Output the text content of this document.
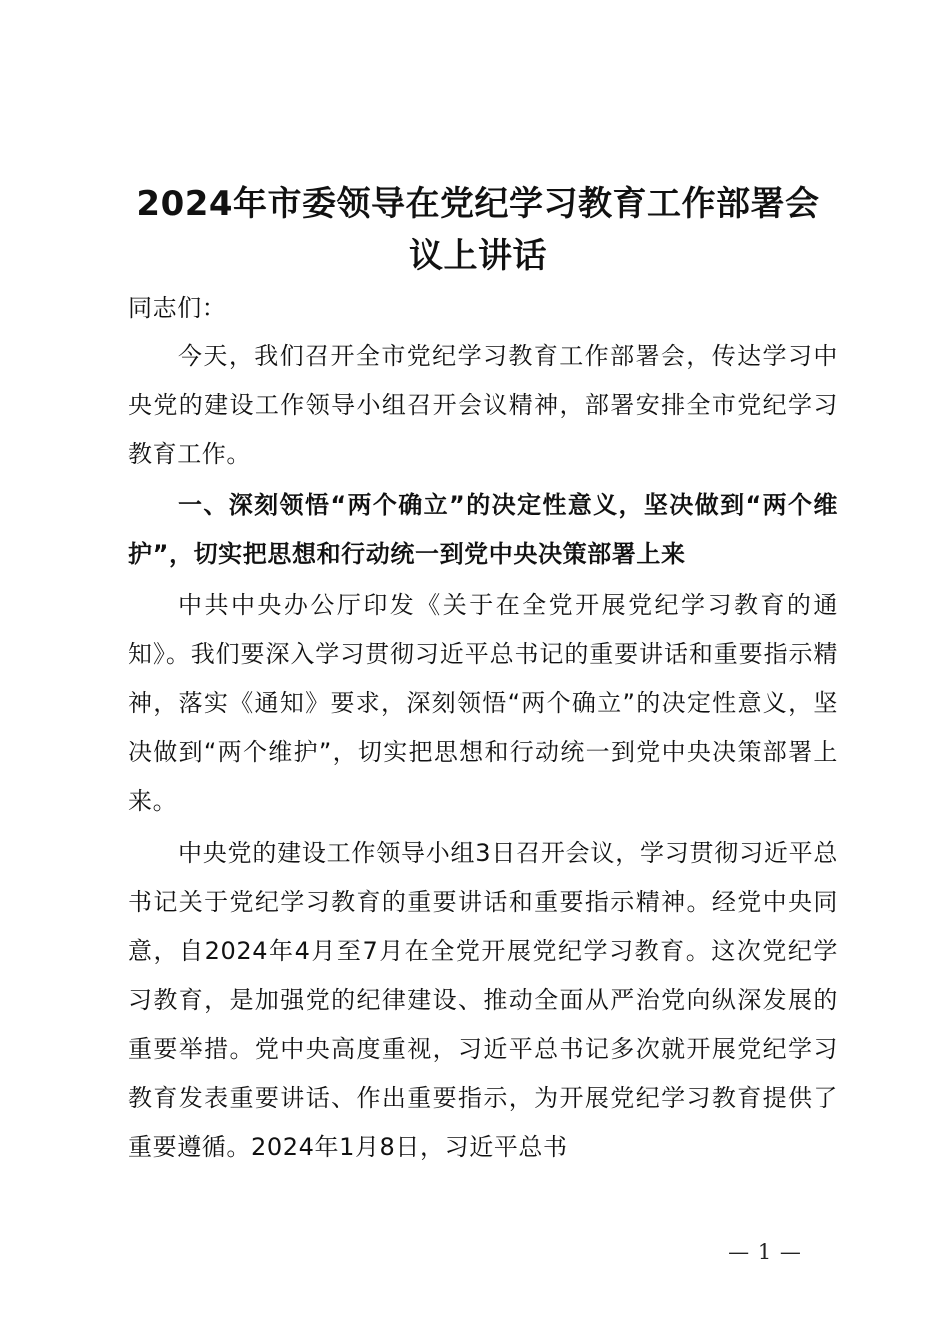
2024年市委领导在党纪学习教育工作部署会议上讲话

同志们：

今天，我们召开全市党纪学习教育工作部署会，传达学习中央党的建设工作领导小组召开会议精神，部署安排全市党纪学习教育工作。

一、深刻领悟“两个确立”的决定性意义，坚决做到“两个维护”，切实把思想和行动统一到党中央决策部署上来

中共中央办公厅印发《关于在全党开展党纪学习教育的通知》。我们要深入学习贯彻习近平总书记的重要讲话和重要指示精神，落实《通知》要求，深刻领悟“两个确立”的决定性意义，坚决做到“两个维护”，切实把思想和行动统一到党中央决策部署上来。

中央党的建设工作领导小组3日召开会议，学习贯彻习近平总书记关于党纪学习教育的重要讲话和重要指示精神。经党中央同意，自2024年4月至7月在全党开展党纪学习教育。这次党纪学习教育，是加强党的纪律建设、推动全面从严治党向纵深发展的重要举措。党中央高度重视，习近平总书记多次就开展党纪学习教育发表重要讲话、作出重要指示，为开展党纪学习教育提供了重要遵循。2024年1月8日，习近平总书

— 1 —
